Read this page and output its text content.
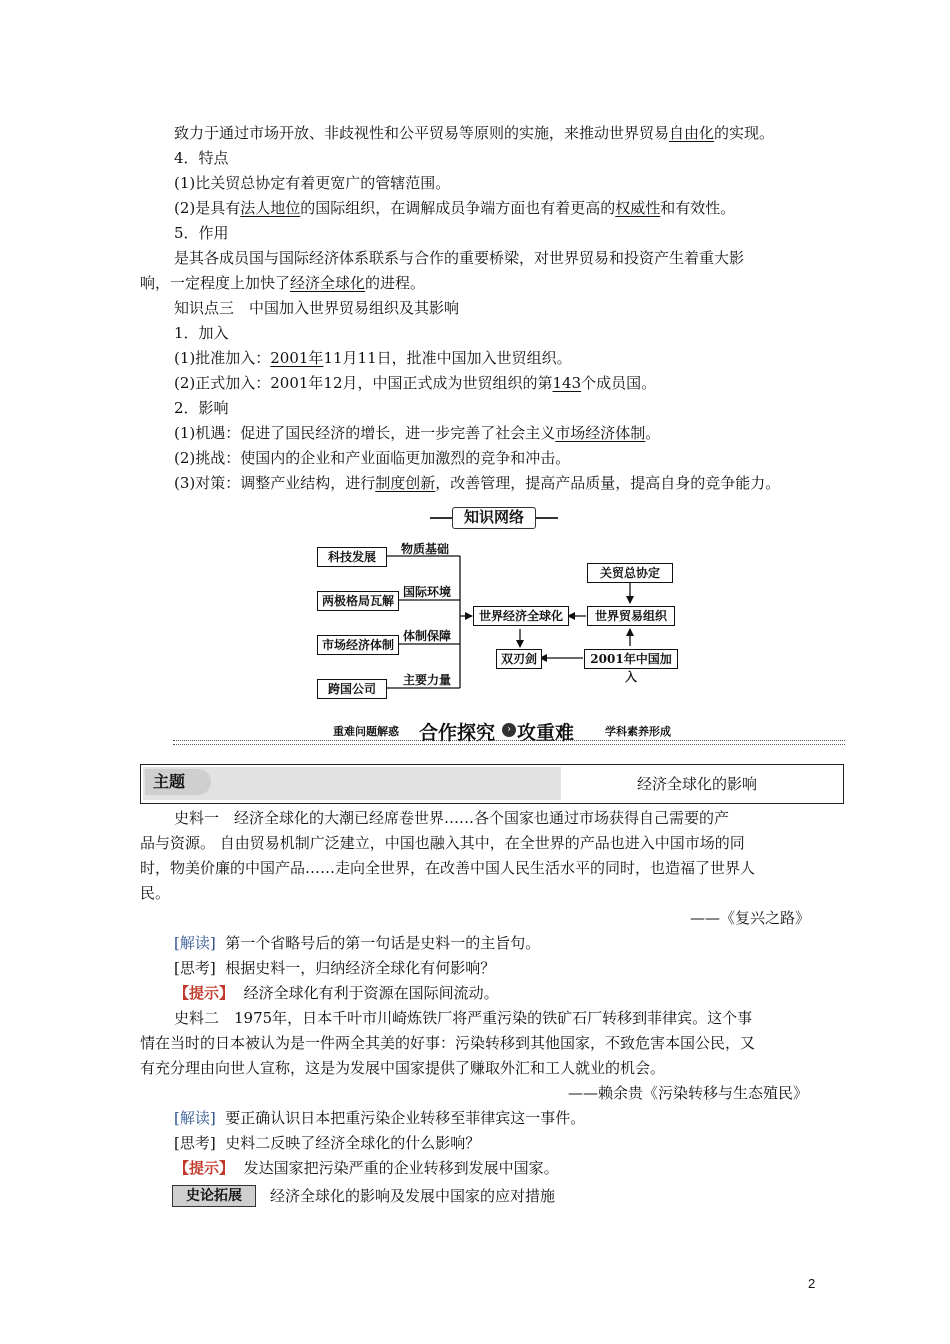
致力于通过市场开放、非歧视性和公平贸易等原则的实施，来推动世界贸易自由化的实现。
4．特点
(1)比关贸总协定有着更宽广的管辖范围。
(2)是具有法人地位的国际组织，在调解成员争端方面也有着更高的权威性和有效性。
5．作用
是其各成员国与国际经济体系联系与合作的重要桥梁，对世界贸易和投资产生着重大影
响，一定程度上加快了经济全球化的进程。
知识点三　中国加入世界贸易组织及其影响
1．加入
(1)批准加入：2001年11月11日，批准中国加入世贸组织。
(2)正式加入：2001年12月，中国正式成为世贸组织的第143个成员国。
2．影响
(1)机遇：促进了国民经济的增长，进一步完善了社会主义市场经济体制。
(2)挑战：使国内的企业和产业面临更加激烈的竞争和冲击。
(3)对策：调整产业结构，进行制度创新，改善管理，提高产品质量，提高自身的竞争能力。
知识网络
科技发展
两极格局瓦解
市场经济体制
跨国公司
物质基础
国际环境
体制保障
主要力量
世界经济全球化
关贸总协定
世界贸易组织
双刃剑	2001年中国加入
重难问题解惑 合作探究	› 攻重难	学科素养形成
主题	经济全球化的影响
史料一　经济全球化的大潮已经席卷世界……各个国家也通过市场获得自己需要的产
品与资源。 自由贸易机制广泛建立，中国也融入其中，在全世界的产品也进入中国市场的同
时，物美价廉的中国产品……走向全世界，在改善中国人民生活水平的同时，也造福了世界人
民。
——《复兴之路》
[解读] 第一个省略号后的第一句话是史料一的主旨句。
[思考] 根据史料一，归纳经济全球化有何影响？
【提示】 经济全球化有利于资源在国际间流动。
史料二　1975年，日本千叶市川崎炼铁厂将严重污染的铁矿石厂转移到菲律宾。这个事
情在当时的日本被认为是一件两全其美的好事：污染转移到其他国家，不致危害本国公民，又
有充分理由向世人宣称，这是为发展中国家提供了赚取外汇和工人就业的机会。
——赖余贵《污染转移与生态殖民》
[解读] 要正确认识日本把重污染企业转移至菲律宾这一事件。
[思考] 史料二反映了经济全球化的什么影响？
【提示】 发达国家把污染严重的企业转移到发展中国家。
史论拓展	经济全球化的影响及发展中国家的应对措施
2
